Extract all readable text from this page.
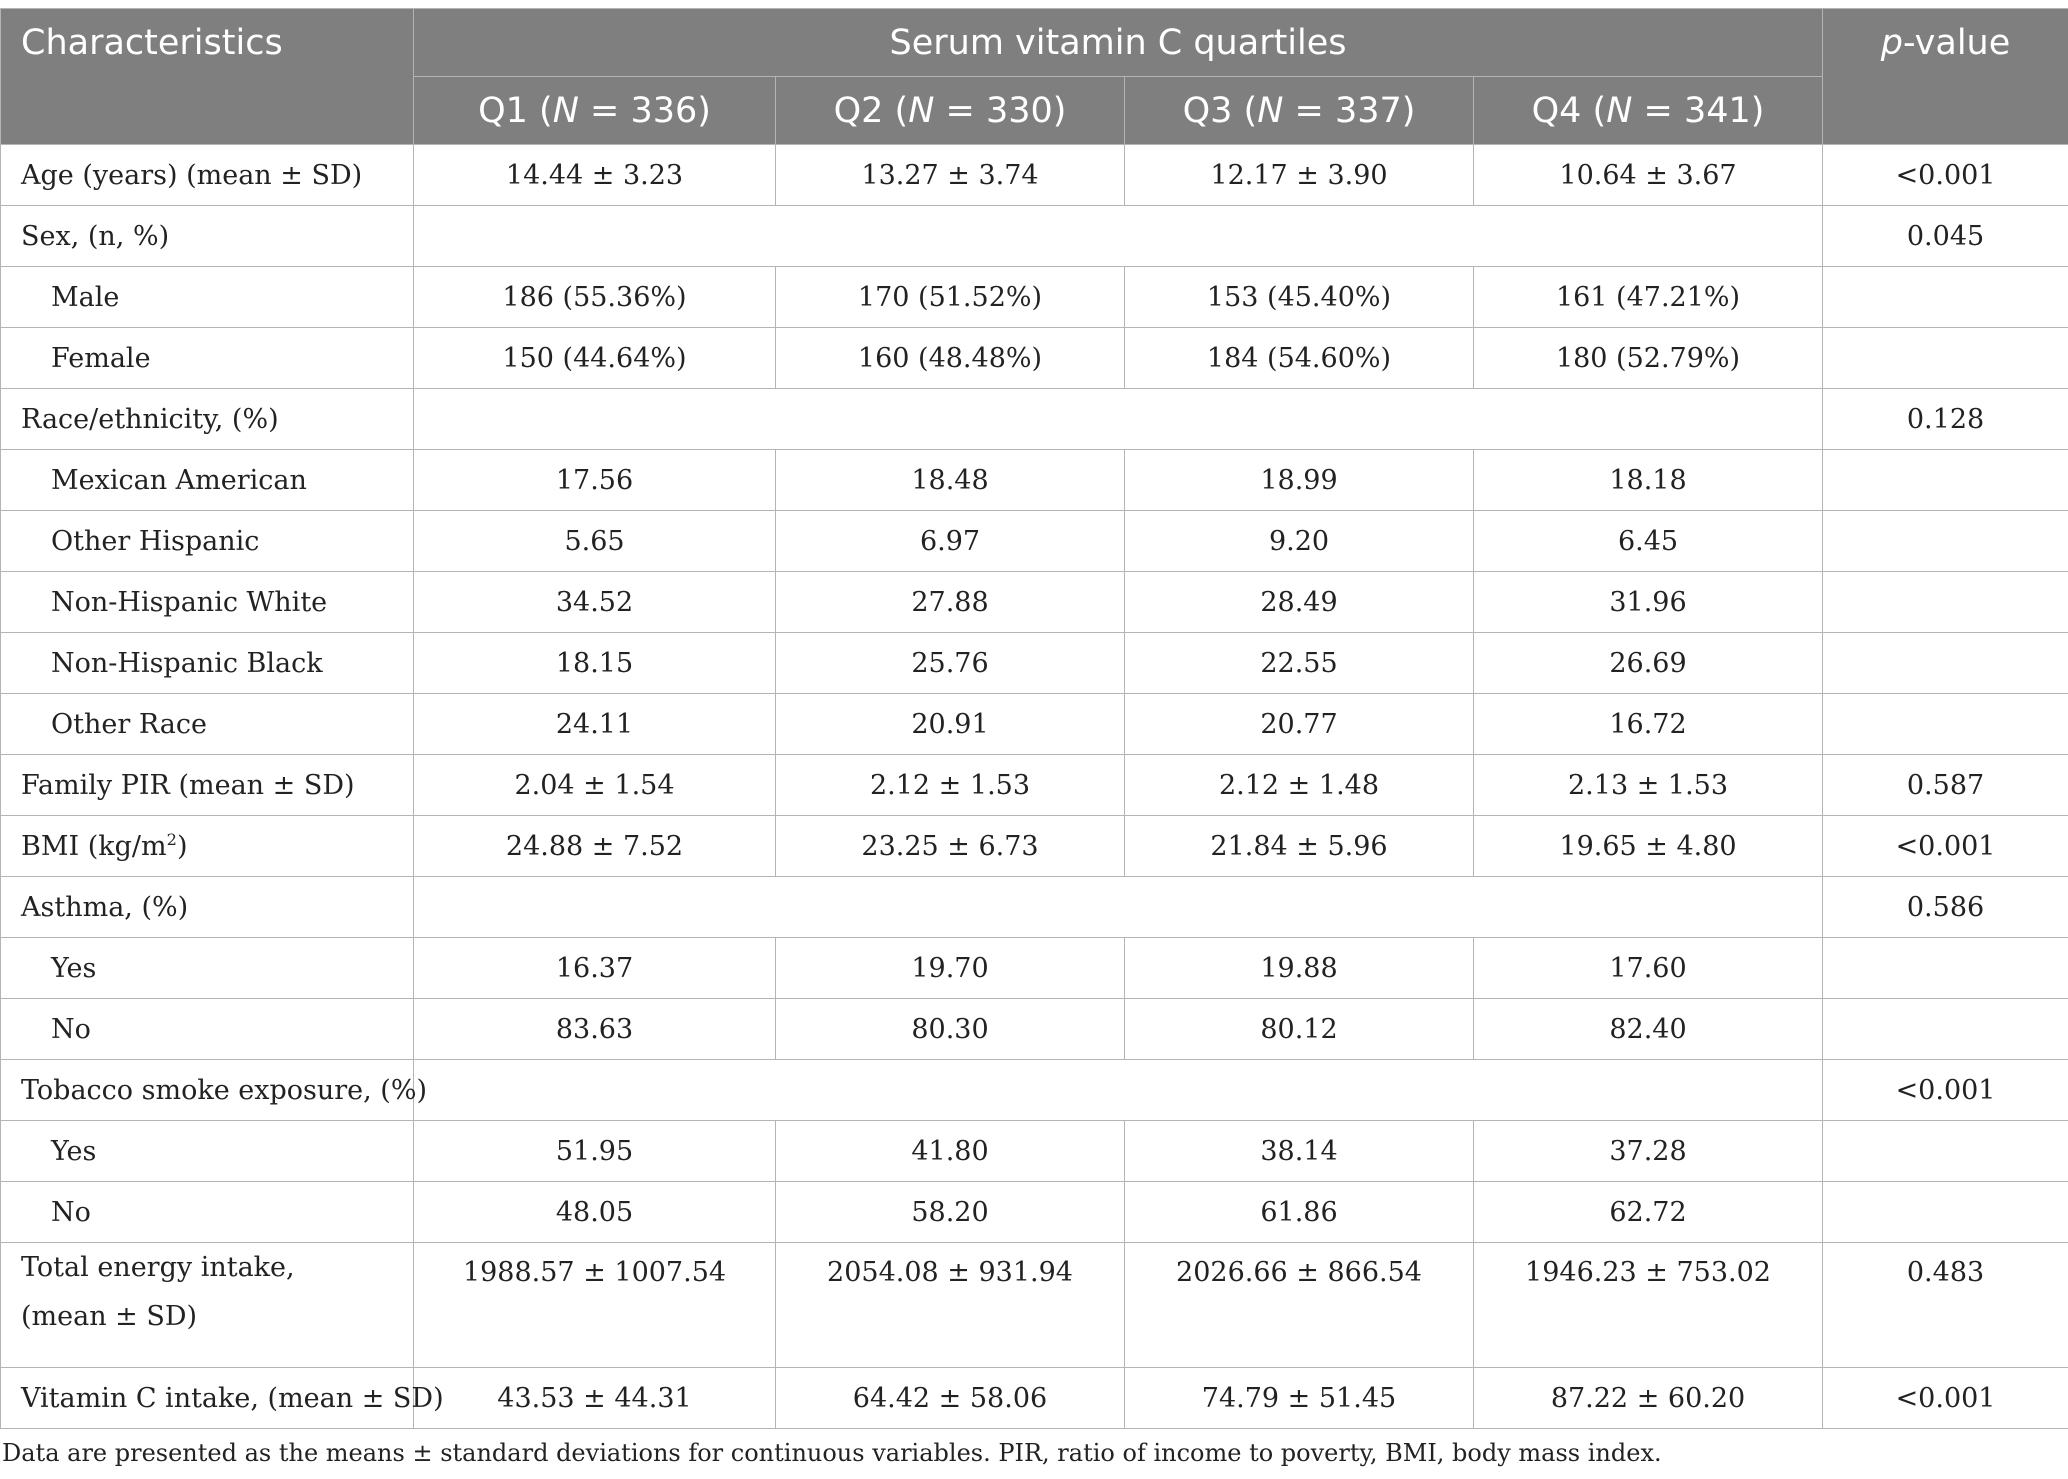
Characteristics	Serum vitamin C quartiles				p-value
	Q1 (N = 336)	Q2 (N = 330)	Q3 (N = 337)	Q4 (N = 341)	
Age (years) (mean ± SD)	14.44 ± 3.23	13.27 ± 3.74	12.17 ± 3.90	10.64 ± 3.67	<0.001
Sex, (n, %)					0.045
Male	186 (55.36%)	170 (51.52%)	153 (45.40%)	161 (47.21%)	
Female	150 (44.64%)	160 (48.48%)	184 (54.60%)	180 (52.79%)	
Race/ethnicity, (%)					0.128
Mexican American	17.56	18.48	18.99	18.18	
Other Hispanic	5.65	6.97	9.20	6.45	
Non-Hispanic White	34.52	27.88	28.49	31.96	
Non-Hispanic Black	18.15	25.76	22.55	26.69	
Other Race	24.11	20.91	20.77	16.72	
Family PIR (mean ± SD)	2.04 ± 1.54	2.12 ± 1.53	2.12 ± 1.48	2.13 ± 1.53	0.587
BMI $(kg/m^2)$	24.88 ± 7.52	23.25 ± 6.73	21.84 ± 5.96	19.65 ± 4.80	<0.001
Asthma, (%)					0.586
Yes	16.37	19.70	19.88	17.60	
No	83.63	80.30	80.12	82.40	
Tobacco smoke exposure, (%)					<0.001
Yes	51.95	41.80	38.14	37.28	
No	48.05	58.20	61.86	62.72	
Total energy intake,
(mean ± SD)	1988.57 ± 1007.54	2054.08 ± 931.94	2026.66 ± 866.54	1946.23 ± 753.02	0.483
Vitamin C intake, (mean ± SD)	43.53 ± 44.31	64.42 ± 58.06	74.79 ± 51.45	87.22 ± 60.20	<0.001
Data are presented as the means ± standard deviations for continuous variables. PIR, ratio of income to poverty, BMI, body mass index.
